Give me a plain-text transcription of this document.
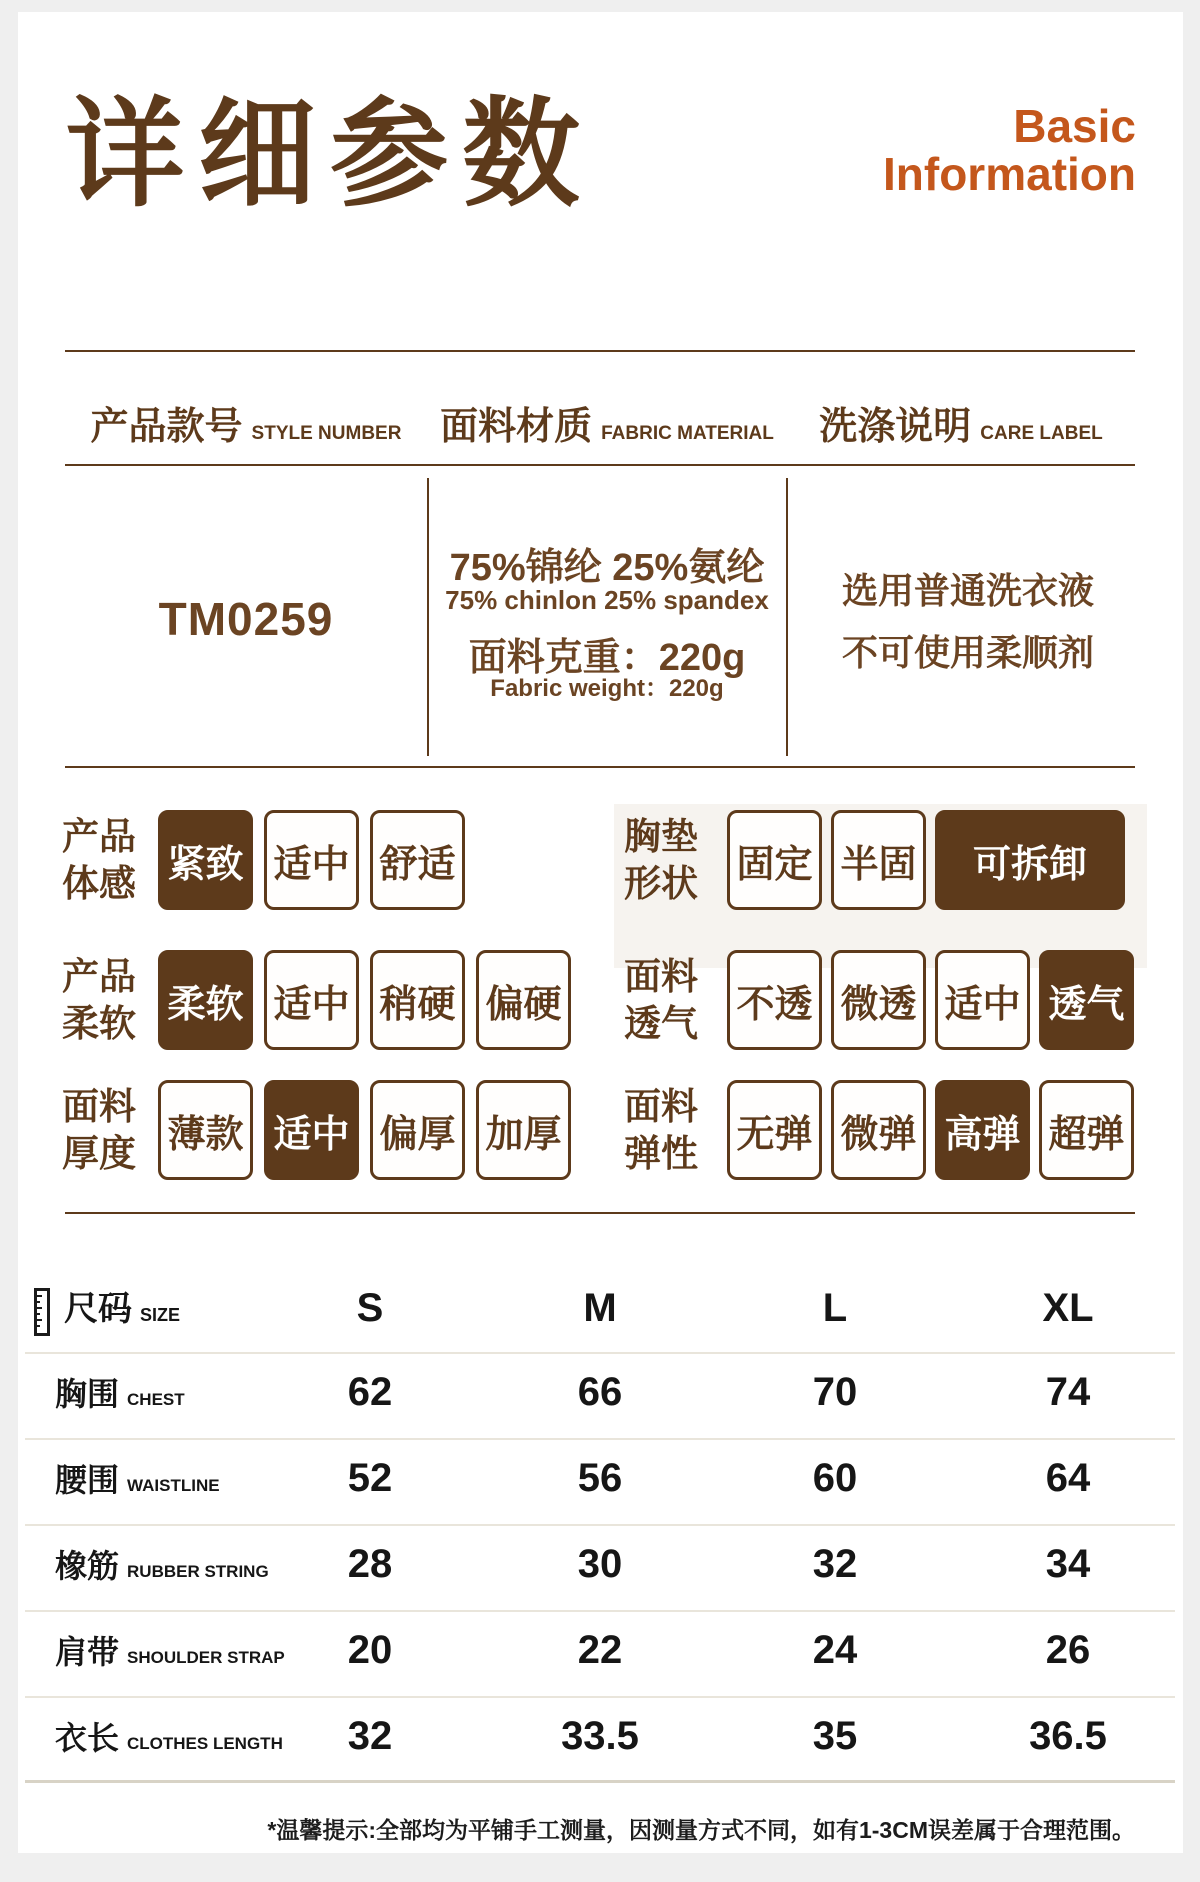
详细参数	Basic
Information
产品款号 STYLE NUMBER 面料材质 FABRIC MATERIAL 洗涤说明 CARE LABEL
TM0259
75%锦纶 25%氨纶
75% chinlon 25% spandex
面料克重：220g
Fabric weight：220g
选用普通洗衣液
不可使用柔顺剂
产品
体感 紧致 适中 舒适
胸垫
形状 固定 半固	可拆卸
产品
柔软 柔软 适中 稍硬 偏硬
面料
透气 不透 微透 适中 透气
面料
厚度 薄款 适中 偏厚 加厚
面料
弹性 无弹 微弹 高弹 超弹
尺码 SIZE	S	M	L	XL
胸围 CHEST	62	66	70	74
腰围 WAISTLINE	52	56	60	64
橡筋 RUBBER STRING	28	30	32	34
肩带 SHOULDER STRAP	20	22	24	26
衣长 CLOTHES LENGTH	32	33.5	35	36.5
*温馨提示:全部均为平铺手工测量，因测量方式不同，如有1-3CM误差属于合理范围。
